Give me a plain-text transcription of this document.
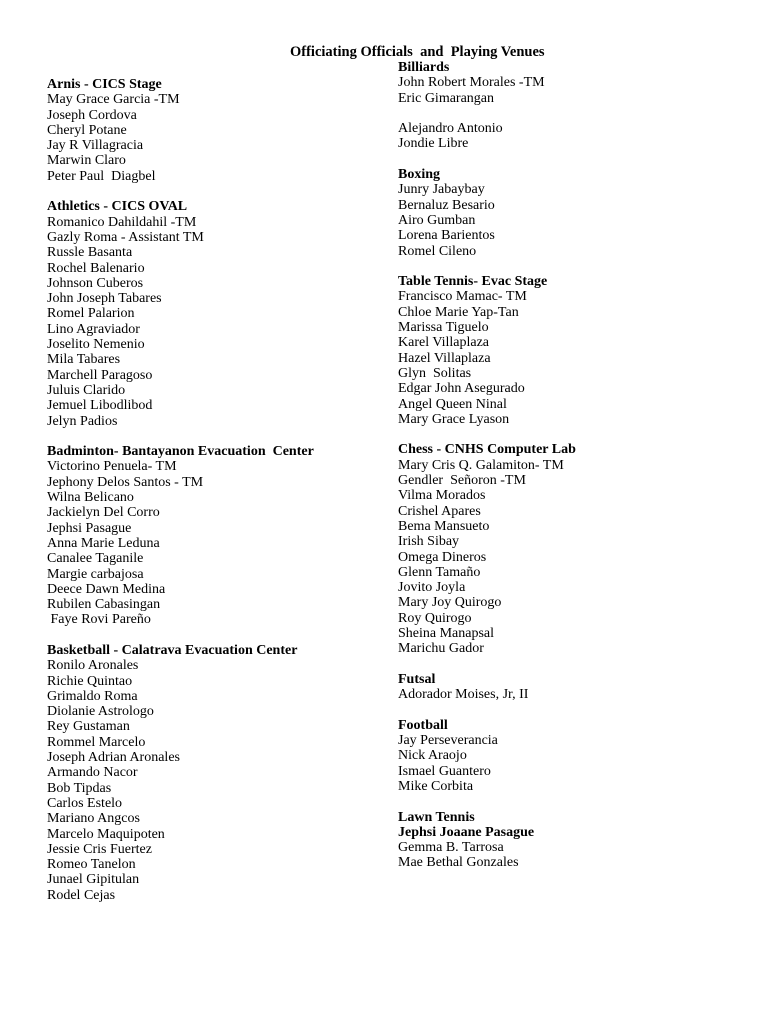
Officiating Officials  and  Playing Venues
Arnis - CICS Stage
May Grace Garcia -TM
Joseph Cordova
Cheryl Potane
Jay R Villagracia
Marwin Claro
Peter Paul  Diagbel
Athletics - CICS OVAL
Romanico Dahildahil -TM
Gazly Roma - Assistant TM
Russle Basanta
Rochel Balenario
Johnson Cuberos
John Joseph Tabares
Romel Palarion
Lino Agraviador
Joselito Nemenio
Mila Tabares
Marchell Paragoso
Juluis Clarido
Jemuel Libodlibod
Jelyn Padios
Badminton- Bantayanon Evacuation  Center
Victorino Penuela- TM
Jephony Delos Santos - TM
Wilna Belicano
Jackielyn Del Corro
Jephsi Pasague
Anna Marie Leduna
Canalee Taganile
Margie carbajosa
Deece Dawn Medina
Rubilen Cabasingan
Faye Rovi Pareño
Basketball - Calatrava Evacuation Center
Ronilo Aronales
Richie Quintao
Grimaldo Roma
Diolanie Astrologo
Rey Gustaman
Rommel Marcelo
Joseph Adrian Aronales
Armando Nacor
Bob Tipdas
Carlos Estelo
Mariano Angcos
Marcelo Maquipoten
Jessie Cris Fuertez
Romeo Tanelon
Junael Gipitulan
Rodel Cejas
Billiards
John Robert Morales -TM
Eric Gimarangan
Alejandro Antonio
Jondie Libre
Boxing
Junry Jabaybay
Bernaluz Besario
Airo Gumban
Lorena Barientos
Romel Cileno
Table Tennis- Evac Stage
Francisco Mamac- TM
Chloe Marie Yap-Tan
Marissa Tiguelo
Karel Villaplaza
Hazel Villaplaza
Glyn  Solitas
Edgar John Asegurado
Angel Queen Ninal
Mary Grace Lyason
Chess - CNHS Computer Lab
Mary Cris Q. Galamiton- TM
Gendler  Señoron -TM
Vilma Morados
Crishel Apares
Bema Mansueto
Irish Sibay
Omega Dineros
Glenn Tamaño
Jovito Joyla
Mary Joy Quirogo
Roy Quirogo
Sheina Manapsal
Marichu Gador
Futsal
Adorador Moises, Jr, II
Football
Jay Perseverancia
Nick Araojo
Ismael Guantero
Mike Corbita
Lawn Tennis
Jephsi Joaane Pasague
Gemma B. Tarrosa
Mae Bethal Gonzales
